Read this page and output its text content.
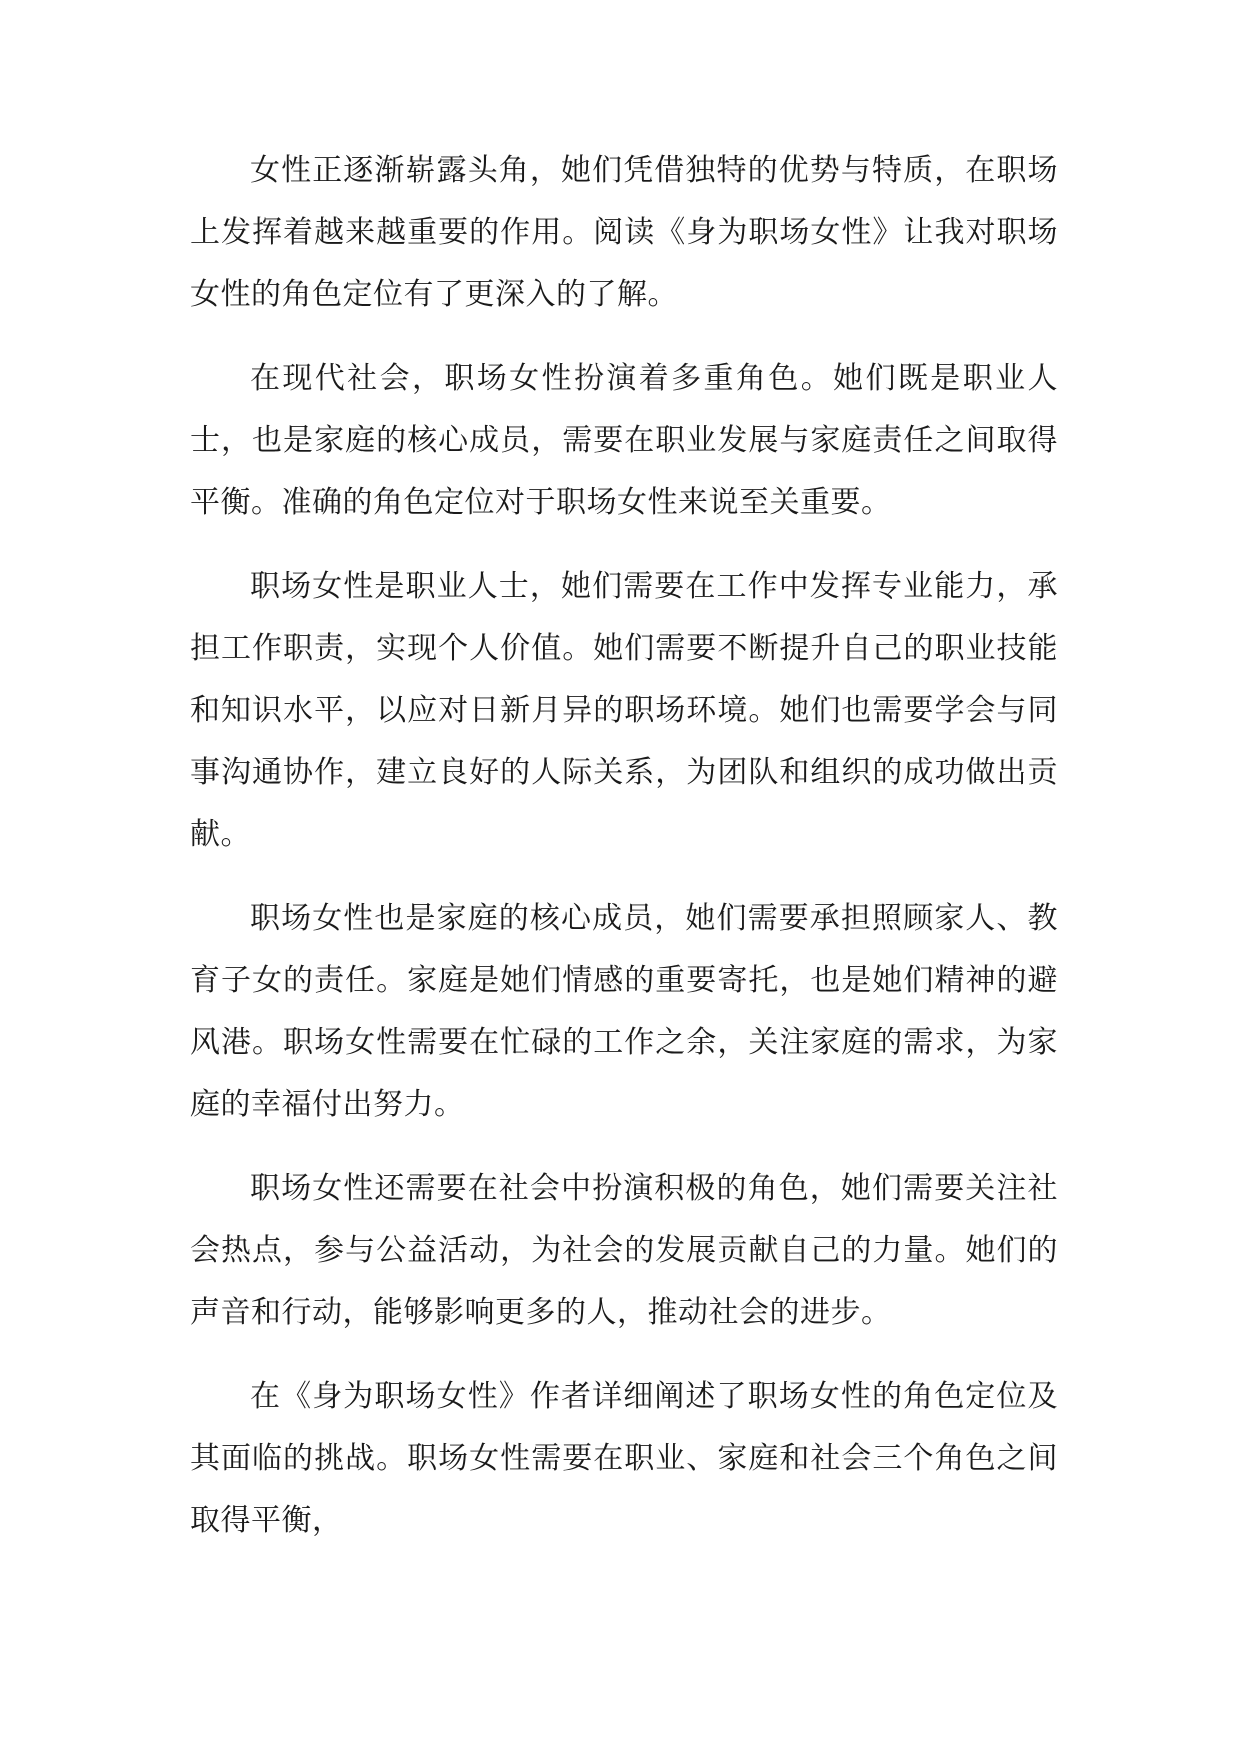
女性正逐渐崭露头角，她们凭借独特的优势与特质，在职场上发挥着越来越重要的作用。阅读《身为职场女性》让我对职场女性的角色定位有了更深入的了解。

在现代社会，职场女性扮演着多重角色。她们既是职业人士，也是家庭的核心成员，需要在职业发展与家庭责任之间取得平衡。准确的角色定位对于职场女性来说至关重要。

职场女性是职业人士，她们需要在工作中发挥专业能力，承担工作职责，实现个人价值。她们需要不断提升自己的职业技能和知识水平，以应对日新月异的职场环境。她们也需要学会与同事沟通协作，建立良好的人际关系，为团队和组织的成功做出贡献。

职场女性也是家庭的核心成员，她们需要承担照顾家人、教育子女的责任。家庭是她们情感的重要寄托，也是她们精神的避风港。职场女性需要在忙碌的工作之余，关注家庭的需求，为家庭的幸福付出努力。

职场女性还需要在社会中扮演积极的角色，她们需要关注社会热点，参与公益活动，为社会的发展贡献自己的力量。她们的声音和行动，能够影响更多的人，推动社会的进步。

在《身为职场女性》作者详细阐述了职场女性的角色定位及其面临的挑战。职场女性需要在职业、家庭和社会三个角色之间取得平衡，
